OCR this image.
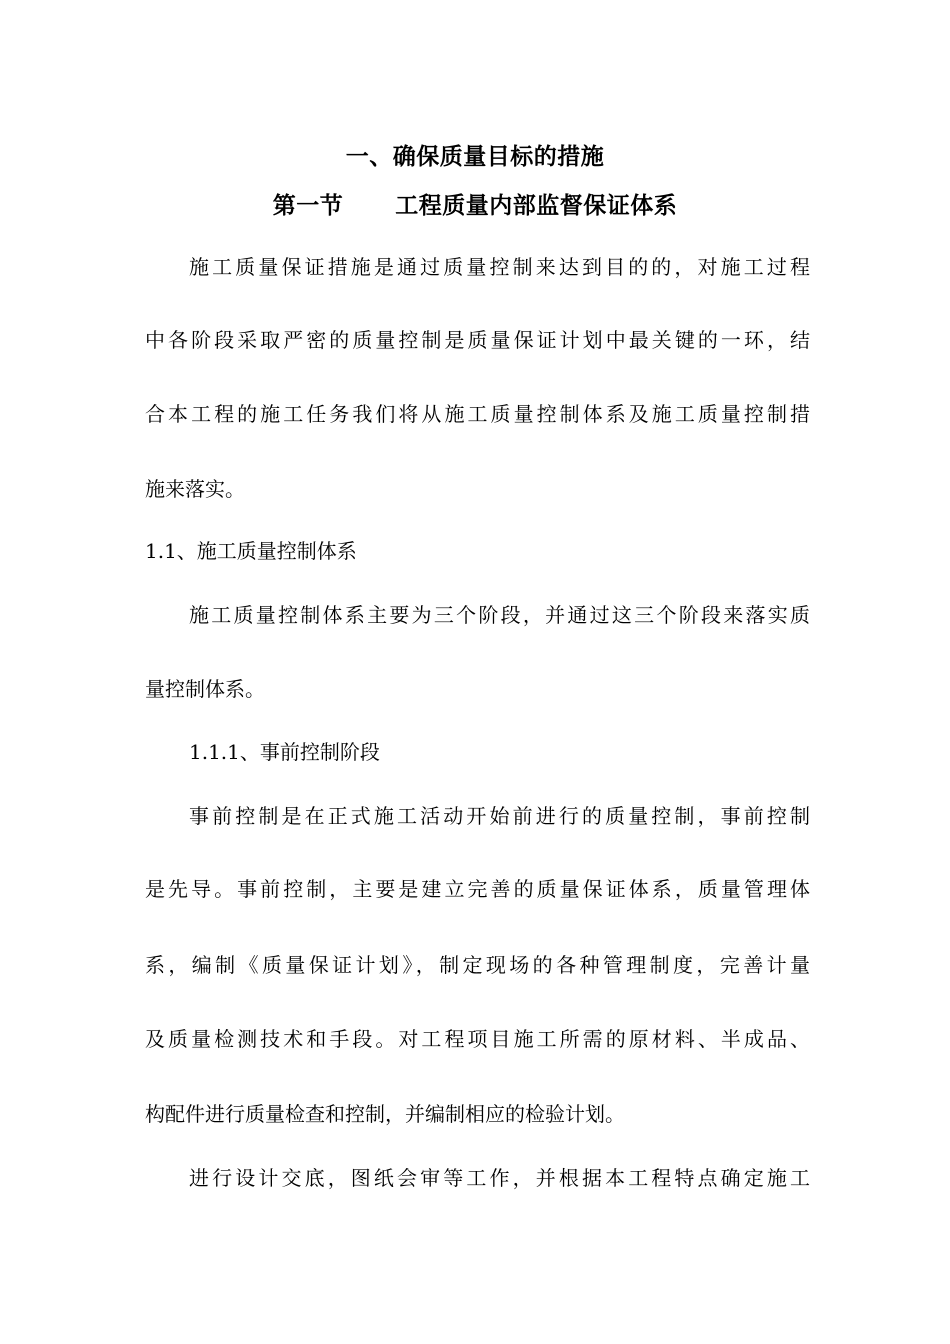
一、确保质量目标的措施
第一节 工程质量内部监督保证体系
施工质量保证措施是通过质量控制来达到目的的，对施工过程
中各阶段采取严密的质量控制是质量保证计划中最关键的一环，结
合本工程的施工任务我们将从施工质量控制体系及施工质量控制措
施来落实。
1.1、施工质量控制体系
施工质量控制体系主要为三个阶段，并通过这三个阶段来落实质
量控制体系。
1.1.1、事前控制阶段
事前控制是在正式施工活动开始前进行的质量控制，事前控制
是先导。事前控制，主要是建立完善的质量保证体系，质量管理体
系，编制《质量保证计划》，制定现场的各种管理制度，完善计量
及质量检测技术和手段。对工程项目施工所需的原材料、半成品、
构配件进行质量检查和控制，并编制相应的检验计划。
进行设计交底，图纸会审等工作，并根据本工程特点确定施工
